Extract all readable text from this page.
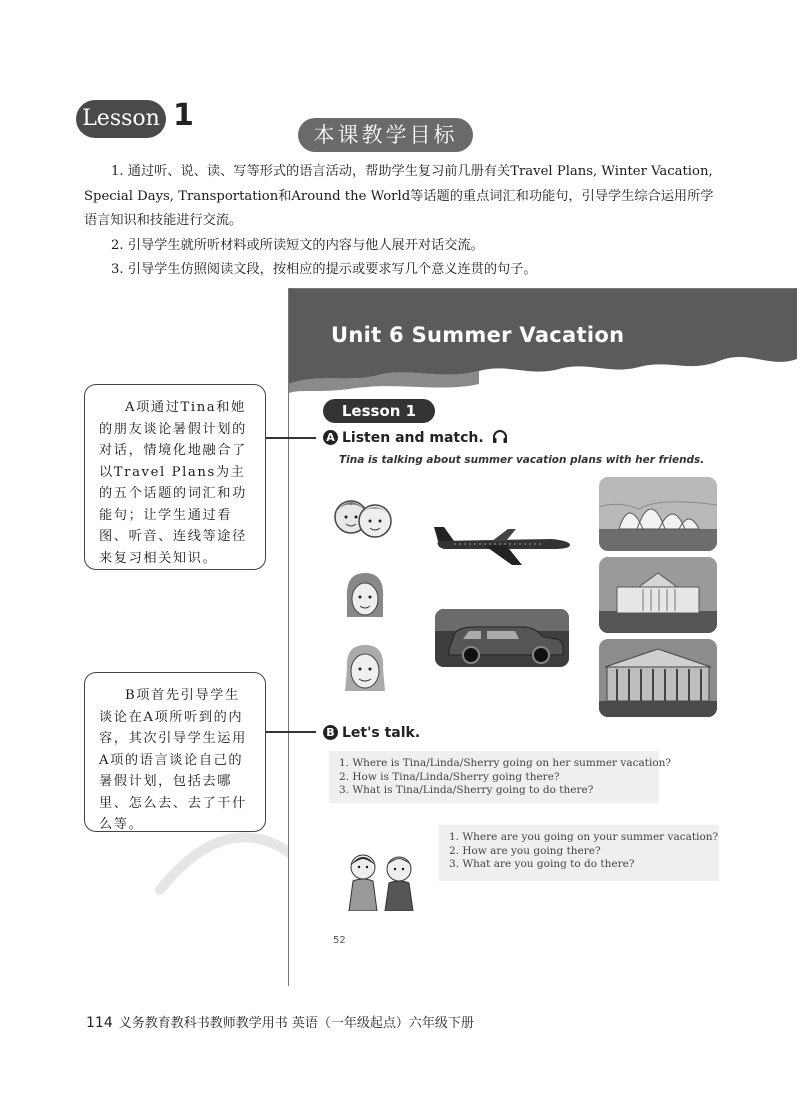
Lesson 1
本课教学目标

1. 通过听、说、读、写等形式的语言活动，帮助学生复习前几册有关Travel Plans, Winter Vacation, Special Days, Transportation和Around the World等话题的重点词汇和功能句，引导学生综合运用所学语言知识和技能进行交流。

2. 引导学生就所听材料或所读短文的内容与他人展开对话交流。

3. 引导学生仿照阅读文段，按相应的提示或要求写几个意义连贯的句子。

Unit 6 Summer Vacation
Lesson 1
A Listen and match.
Tina is talking about summer vacation plans with her friends.
B Let's talk.
1. Where is Tina/Linda/Sherry going on her summer vacation?
2. How is Tina/Linda/Sherry going there?
3. What is Tina/Linda/Sherry going to do there?
1. Where are you going on your summer vacation?
2. How are you going there?
3. What are you going to do there?
52

A项通过Tina和她的朋友谈论暑假计划的对话，情境化地融合了以Travel Plans为主的五个话题的词汇和功能句；让学生通过看图、听音、连线等途径来复习相关知识。

B项首先引导学生谈论在A项所听到的内容，其次引导学生运用A项的语言谈论自己的暑假计划，包括去哪里、怎么去、去了干什么等。

114 义务教育教科书教师教学用书 英语（一年级起点）六年级下册
